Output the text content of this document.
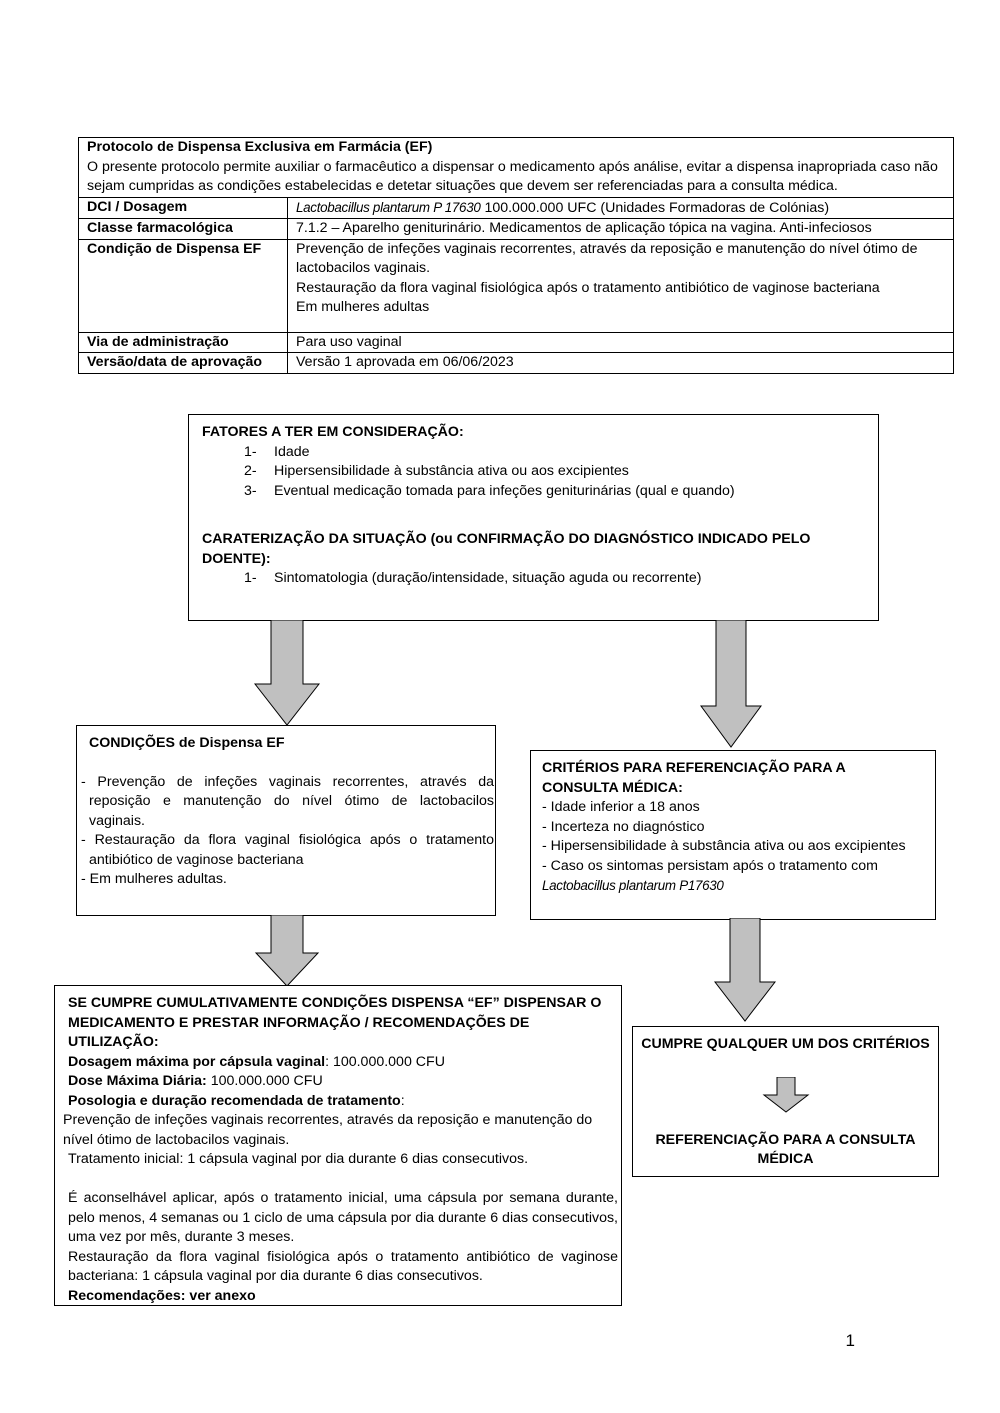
Protocolo de Dispensa Exclusiva em Farmácia (EF)

O presente protocolo permite auxiliar o farmacêutico a dispensar o medicamento após análise, evitar a dispensa inapropriada caso não sejam cumpridas as condições estabelecidas e detetar situações que devem ser referenciadas para a consulta médica.	

DCI / Dosagem	Lactobacillus plantarum P 17630 100.000.000 UFC (Unidades Formadoras de Colónias)
Classe farmacológica	7.1.2 – Aparelho geniturinário. Medicamentos de aplicação tópica na vagina. Anti-infeciosos
Condição de Dispensa EF	Prevenção de infeções vaginais recorrentes, através da reposição e manutenção do nível ótimo de lactobacilos vaginais.

Restauração da flora vaginal fisiológica após o tratamento antibiótico de vaginose bacteriana

Em mulheres adultas

Via de administração	Para uso vaginal
Versão/data de aprovação	Versão 1 aprovada em 06/06/2023

FATORES A TER EM CONSIDERAÇÃO:

1-	Idade
2-	Hipersensibilidade à substância ativa ou aos excipientes
3-	Eventual medicação tomada para infeções geniturinárias (qual e quando)

CARATERIZAÇÃO DA SITUAÇÃO (ou CONFIRMAÇÃO DO DIAGNÓSTICO INDICADO PELO DOENTE):

1-	Sintomatologia (duração/intensidade, situação aguda ou recorrente)

CONDIÇÕES de Dispensa EF

- Prevenção de infeções vaginais recorrentes, através da reposição e manutenção do nível ótimo de lactobacilos vaginais.

- Restauração da flora vaginal fisiológica após o tratamento antibiótico de vaginose bacteriana

- Em mulheres adultas.

CRITÉRIOS PARA REFERENCIAÇÃO PARA A CONSULTA MÉDICA:

- Idade inferior a 18 anos

- Incerteza no diagnóstico

- Hipersensibilidade à substância ativa ou aos excipientes

- Caso os sintomas persistam após o tratamento com

Lactobacillus plantarum P17630

SE CUMPRE CUMULATIVAMENTE CONDIÇÕES DISPENSA “EF” DISPENSAR O MEDICAMENTO E PRESTAR INFORMAÇÃO / RECOMENDAÇÕES DE UTILIZAÇÃO:

Dosagem máxima por cápsula vaginal: 100.000.000 CFU

Dose Máxima Diária: 100.000.000 CFU

Posologia e duração recomendada de tratamento:

Prevenção de infeções vaginais recorrentes, através da reposição e manutenção do nível ótimo de lactobacilos vaginais.

Tratamento inicial: 1 cápsula vaginal por dia durante 6 dias consecutivos.

É aconselhável aplicar, após o tratamento inicial, uma cápsula por semana durante, pelo menos, 4 semanas ou 1 ciclo de uma cápsula por dia durante 6 dias consecutivos, uma vez por mês, durante 3 meses.

Restauração da flora vaginal fisiológica após o tratamento antibiótico de vaginose bacteriana: 1 cápsula vaginal por dia durante 6 dias consecutivos.

Recomendações: ver anexo

CUMPRE QUALQUER UM DOS CRITÉRIOS

REFERENCIAÇÃO PARA A CONSULTA MÉDICA

1
